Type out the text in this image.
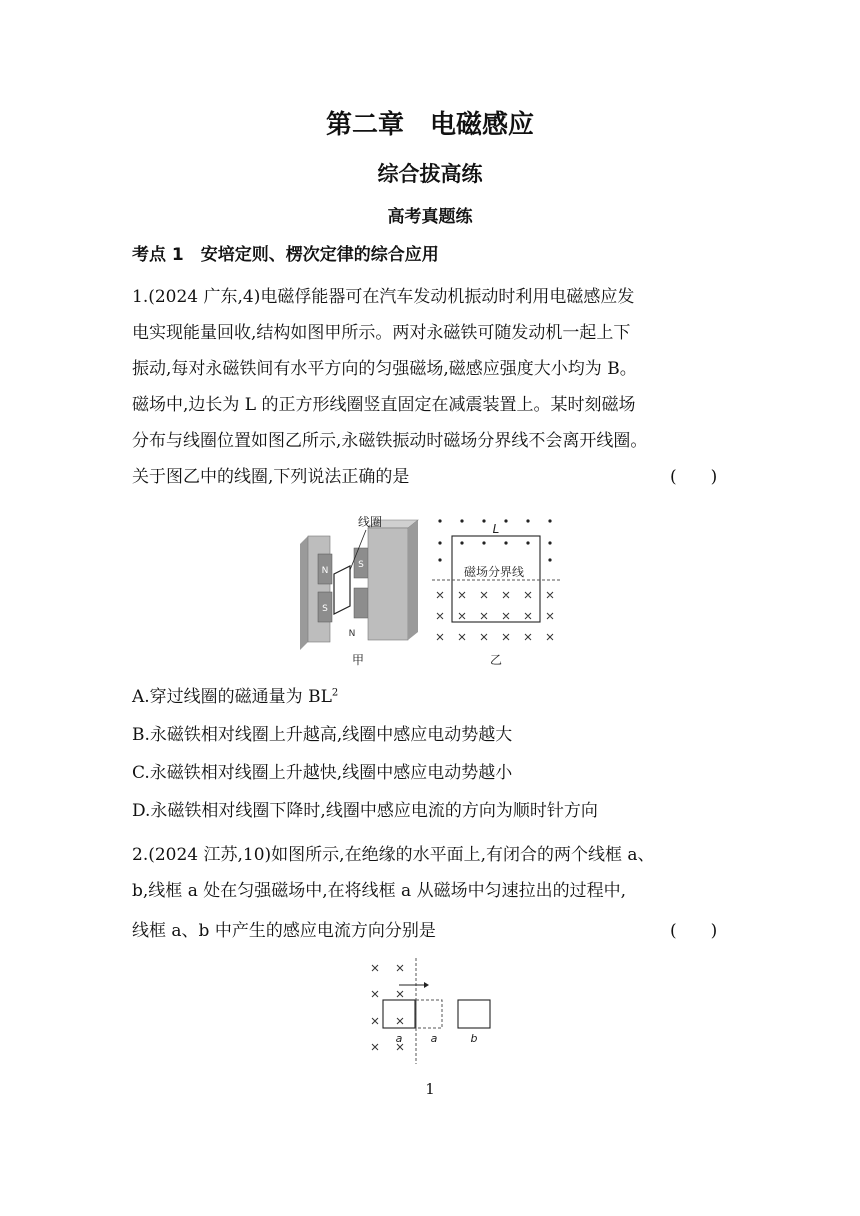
第二章　电磁感应
综合拔高练
高考真题练
考点 1　安培定则、楞次定律的综合应用
1.(2024 广东,4)电磁俘能器可在汽车发动机振动时利用电磁感应发
电实现能量回收,结构如图甲所示。两对永磁铁可随发动机一起上下
振动,每对永磁铁间有水平方向的匀强磁场,磁感应强度大小均为 B。
磁场中,边长为 L 的正方形线圈竖直固定在减震装置上。某时刻磁场
分布与线圈位置如图乙所示,永磁铁振动时磁场分界线不会离开线圈。
关于图乙中的线圈,下列说法正确的是	(　　)
N
S
S
N
线圈
甲
L
磁场分界线
乙
A.穿过线圈的磁通量为 $BL^2$
B.永磁铁相对线圈上升越高,线圈中感应电动势越大
C.永磁铁相对线圈上升越快,线圈中感应电动势越小
D.永磁铁相对线圈下降时,线圈中感应电流的方向为顺时针方向
2.(2024 江苏,10)如图所示,在绝缘的水平面上,有闭合的两个线框 a、
b,线框 a 处在匀强磁场中,在将线框 a 从磁场中匀速拉出的过程中,
线框 a、b 中产生的感应电流方向分别是	(　　)
a	a	b
1
